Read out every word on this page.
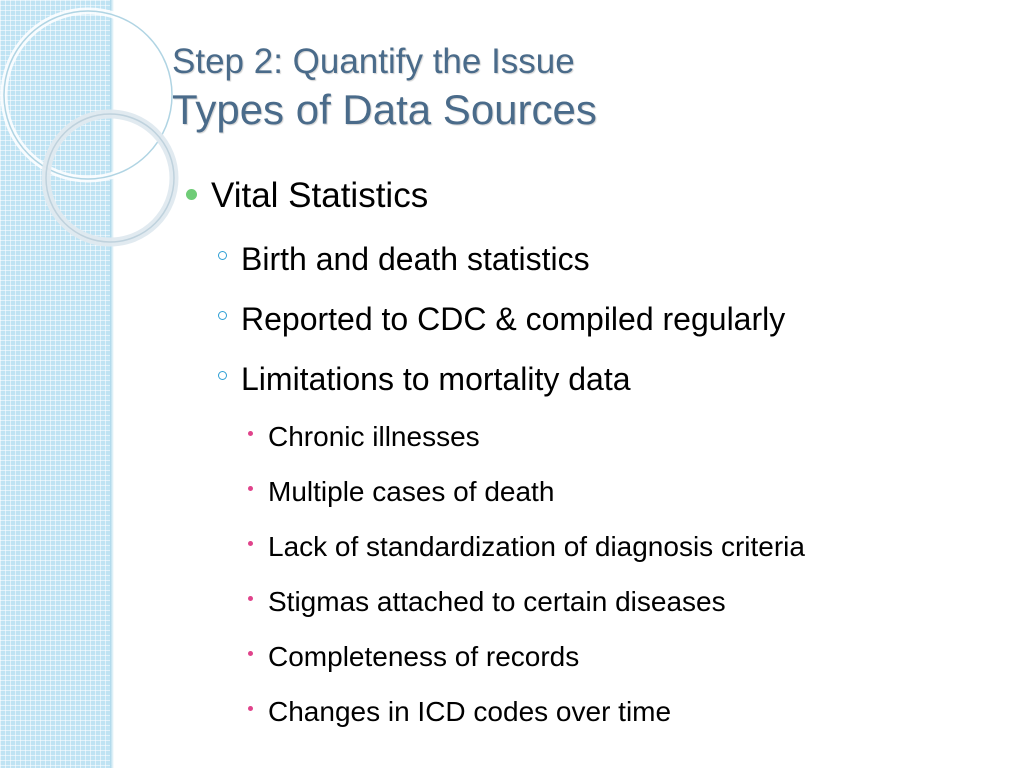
Step 2: Quantify the Issue
Types of Data Sources
Vital Statistics
Birth and death statistics
Reported to CDC & compiled regularly
Limitations to mortality data
Chronic illnesses
Multiple cases of death
Lack of standardization of diagnosis criteria
Stigmas attached to certain diseases
Completeness of records
Changes in ICD codes over time
